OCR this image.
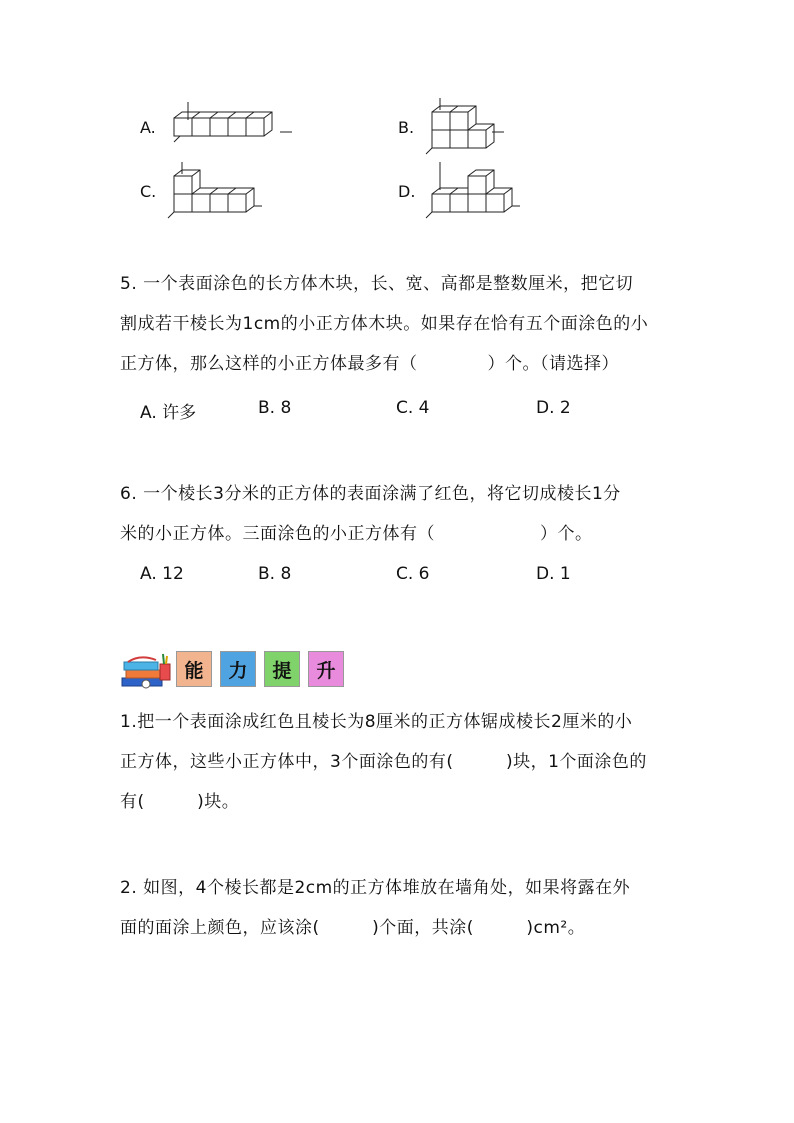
A.	B.
C.	D.
5. 一个表面涂色的长方体木块，长、宽、高都是整数厘米，把它切
割成若干棱长为1cm的小正方体木块。如果存在恰有五个面涂色的小
正方体，那么这样的小正方体最多有（　　　　）个。（请选择）
A. 许多	B. 8	C. 4	D. 2
6. 一个棱长3分米的正方体的表面涂满了红色，将它切成棱长1分
米的小正方体。三面涂色的小正方体有（　　　　　　）个。
A. 12	B. 8	C. 6	D. 1
能	力	提	升
1.把一个表面涂成红色且棱长为8厘米的正方体锯成棱长2厘米的小
正方体，这些小正方体中，3个面涂色的有(　　　)块，1个面涂色的
有(　　　)块。
2. 如图，4个棱长都是2cm的正方体堆放在墙角处，如果将露在外
面的面涂上颜色，应该涂(　　　)个面，共涂(　　　)cm²。
